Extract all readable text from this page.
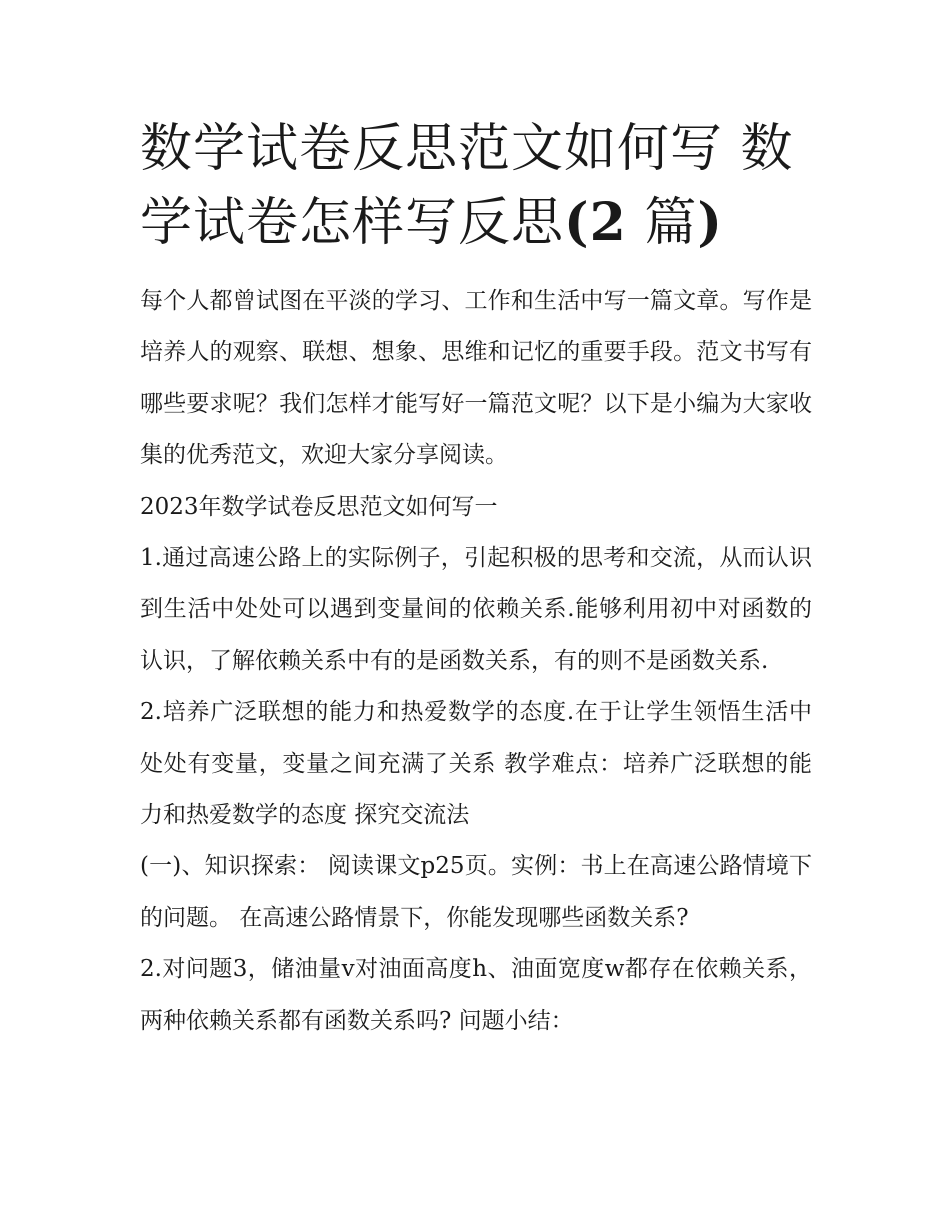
数学试卷反思范文如何写 数学试卷怎样写反思(2 篇)

每个人都曾试图在平淡的学习、工作和生活中写一篇文章。写作是培养人的观察、联想、想象、思维和记忆的重要手段。范文书写有哪些要求呢？我们怎样才能写好一篇范文呢？以下是小编为大家收集的优秀范文，欢迎大家分享阅读。

2023年数学试卷反思范文如何写一

1.通过高速公路上的实际例子，引起积极的思考和交流，从而认识到生活中处处可以遇到变量间的依赖关系.能够利用初中对函数的认识，了解依赖关系中有的是函数关系，有的则不是函数关系.

2.培养广泛联想的能力和热爱数学的态度.在于让学生领悟生活中处处有变量，变量之间充满了关系 教学难点：培养广泛联想的能力和热爱数学的态度 探究交流法

(一)、知识探索： 阅读课文p25页。实例：书上在高速公路情境下的问题。 在高速公路情景下，你能发现哪些函数关系?

2.对问题3，储油量v对油面高度h、油面宽度w都存在依赖关系，两种依赖关系都有函数关系吗? 问题小结：
